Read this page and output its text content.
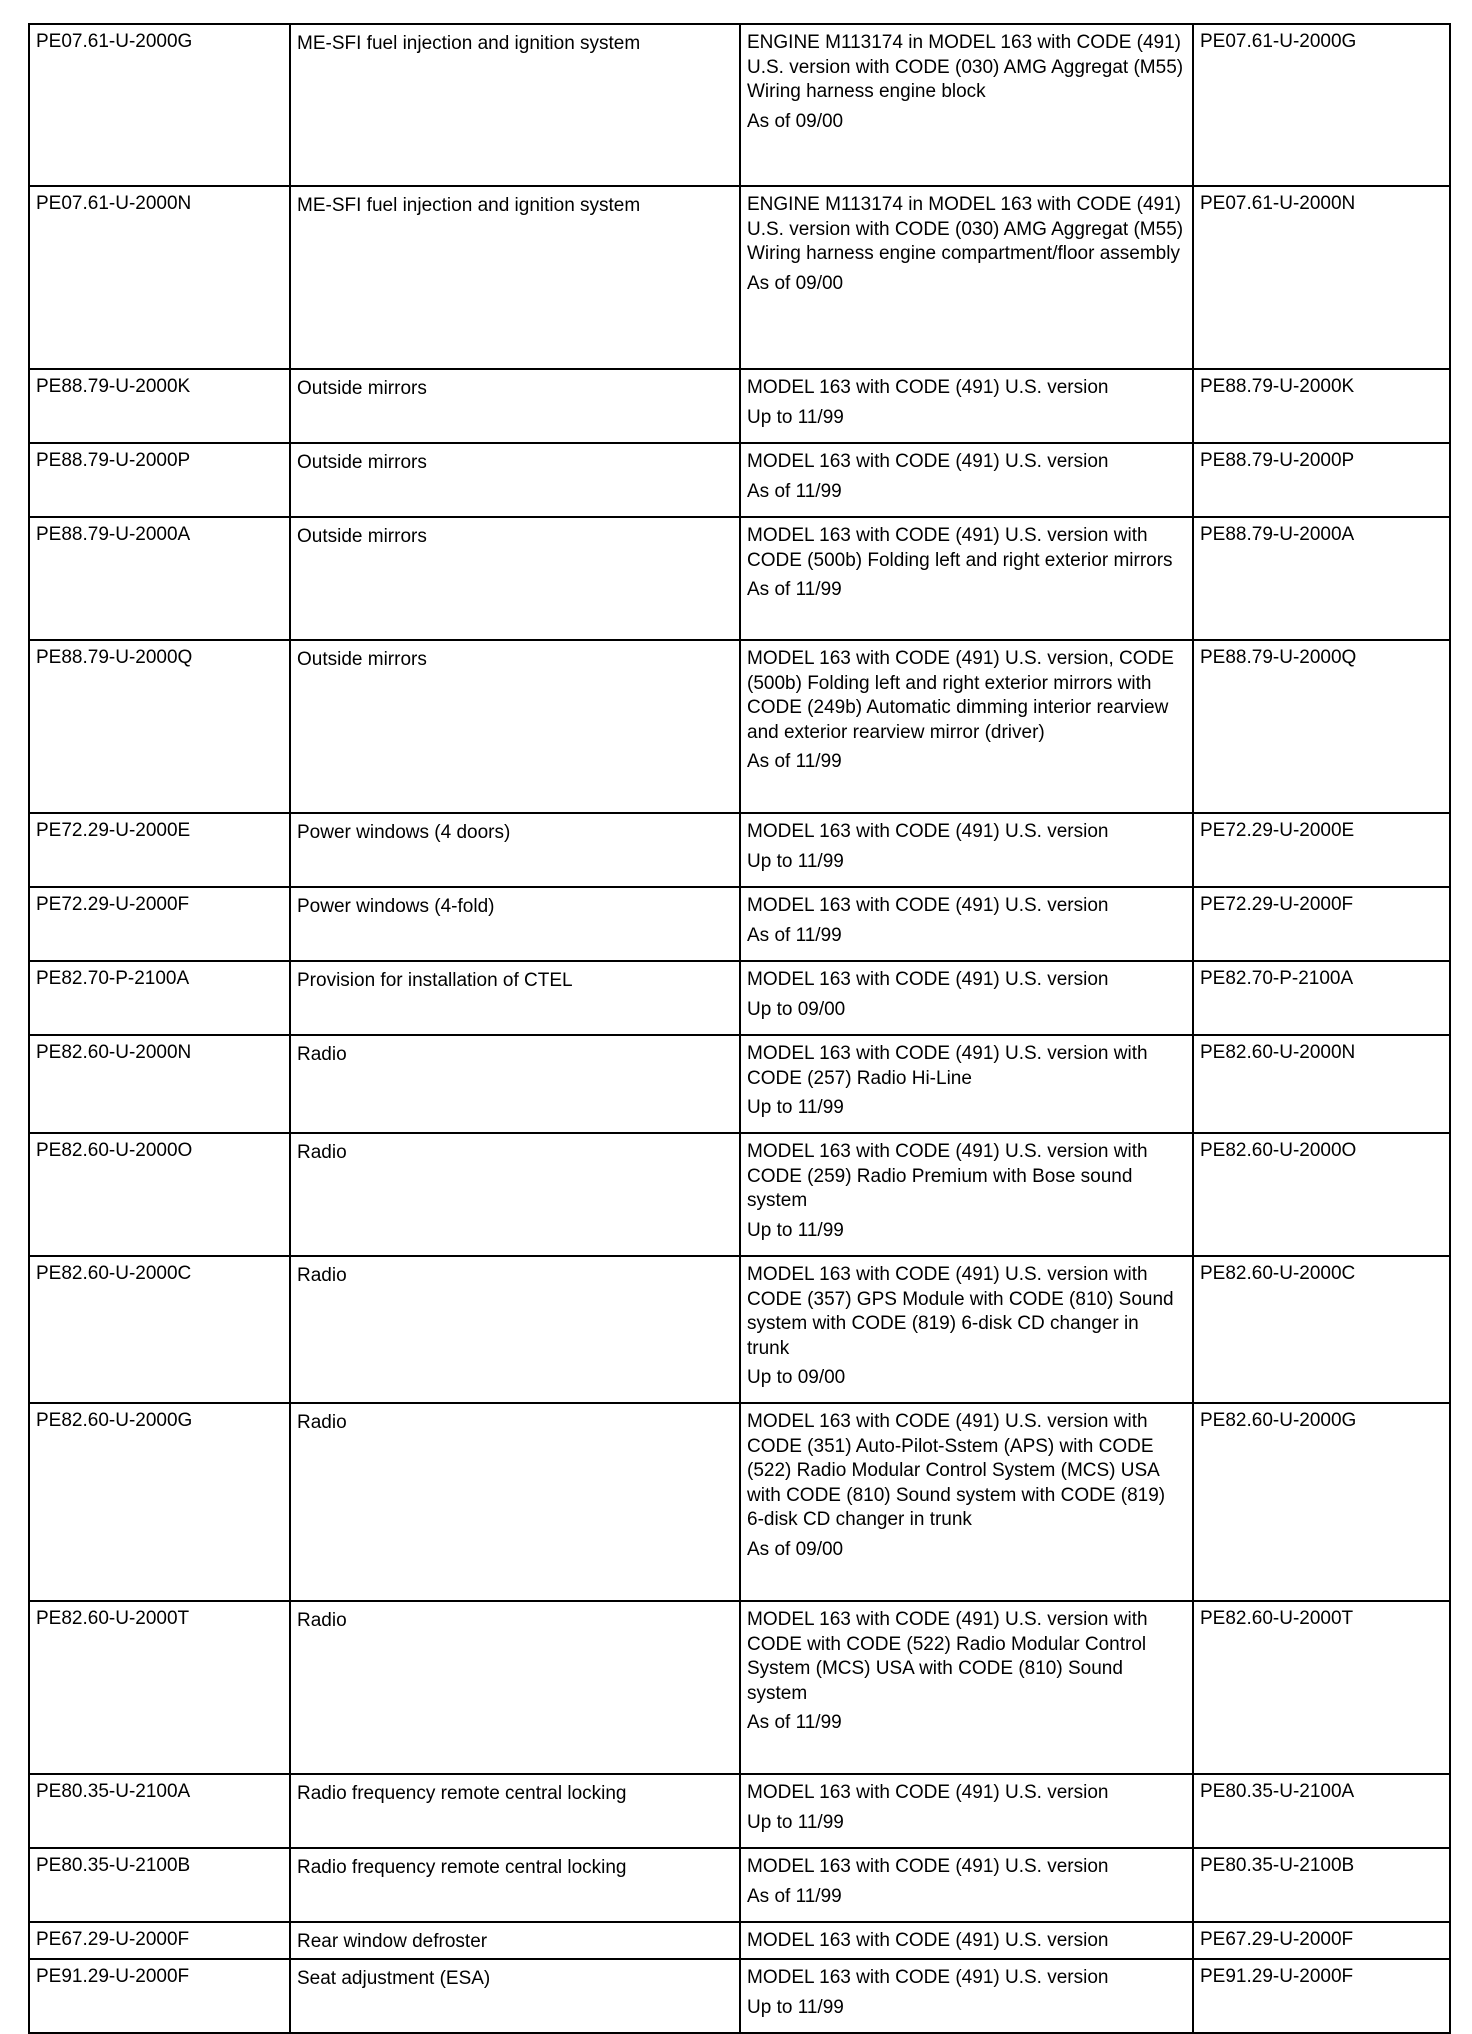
PE07.61-U-2000G	ME-SFI fuel injection and ignition system	ENGINE M113174 in MODEL 163 with CODE (491) U.S. version with CODE (030) AMG Aggregat (M55)
Wiring harness engine block
As of 09/00	PE07.61-U-2000G
PE07.61-U-2000N	ME-SFI fuel injection and ignition system	ENGINE M113174 in MODEL 163 with CODE (491) U.S. version with CODE (030) AMG Aggregat (M55)
Wiring harness engine compartment/floor assembly
As of 09/00	PE07.61-U-2000N
PE88.79-U-2000K	Outside mirrors	MODEL 163 with CODE (491) U.S. version
Up to 11/99	PE88.79-U-2000K
PE88.79-U-2000P	Outside mirrors	MODEL 163 with CODE (491) U.S. version
As of 11/99	PE88.79-U-2000P
PE88.79-U-2000A	Outside mirrors	MODEL 163 with CODE (491) U.S. version with CODE (500b) Folding left and right exterior mirrors
As of 11/99	PE88.79-U-2000A
PE88.79-U-2000Q	Outside mirrors	MODEL 163 with CODE (491) U.S. version, CODE (500b) Folding left and right exterior mirrors with CODE (249b) Automatic dimming interior rearview and exterior rearview mirror (driver)
As of 11/99	PE88.79-U-2000Q
PE72.29-U-2000E	Power windows (4 doors)	MODEL 163 with CODE (491) U.S. version
Up to 11/99	PE72.29-U-2000E
PE72.29-U-2000F	Power windows (4-fold)	MODEL 163 with CODE (491) U.S. version
As of 11/99	PE72.29-U-2000F
PE82.70-P-2100A	Provision for installation of CTEL	MODEL 163 with CODE (491) U.S. version
Up to 09/00	PE82.70-P-2100A
PE82.60-U-2000N	Radio	MODEL 163 with CODE (491) U.S. version with CODE (257) Radio Hi-Line
Up to 11/99	PE82.60-U-2000N
PE82.60-U-2000O	Radio	MODEL 163 with CODE (491) U.S. version with CODE (259) Radio Premium with Bose sound system
Up to 11/99	PE82.60-U-2000O
PE82.60-U-2000C	Radio	MODEL 163 with CODE (491) U.S. version with CODE (357) GPS Module with CODE (810) Sound system with CODE (819) 6-disk CD changer in trunk
Up to 09/00	PE82.60-U-2000C
PE82.60-U-2000G	Radio	MODEL 163 with CODE (491) U.S. version with CODE (351) Auto-Pilot-Sstem (APS) with CODE (522) Radio Modular Control System (MCS) USA with CODE (810) Sound system with CODE (819) 6-disk CD changer in trunk
As of 09/00	PE82.60-U-2000G
PE82.60-U-2000T	Radio	MODEL 163 with CODE (491) U.S. version with CODE with CODE (522) Radio Modular Control System (MCS) USA with CODE (810) Sound system
As of 11/99	PE82.60-U-2000T
PE80.35-U-2100A	Radio frequency remote central locking	MODEL 163 with CODE (491) U.S. version
Up to 11/99	PE80.35-U-2100A
PE80.35-U-2100B	Radio frequency remote central locking	MODEL 163 with CODE (491) U.S. version
As of 11/99	PE80.35-U-2100B
PE67.29-U-2000F	Rear window defroster	MODEL 163 with CODE (491) U.S. version	PE67.29-U-2000F
PE91.29-U-2000F	Seat adjustment (ESA)	MODEL 163 with CODE (491) U.S. version
Up to 11/99	PE91.29-U-2000F
